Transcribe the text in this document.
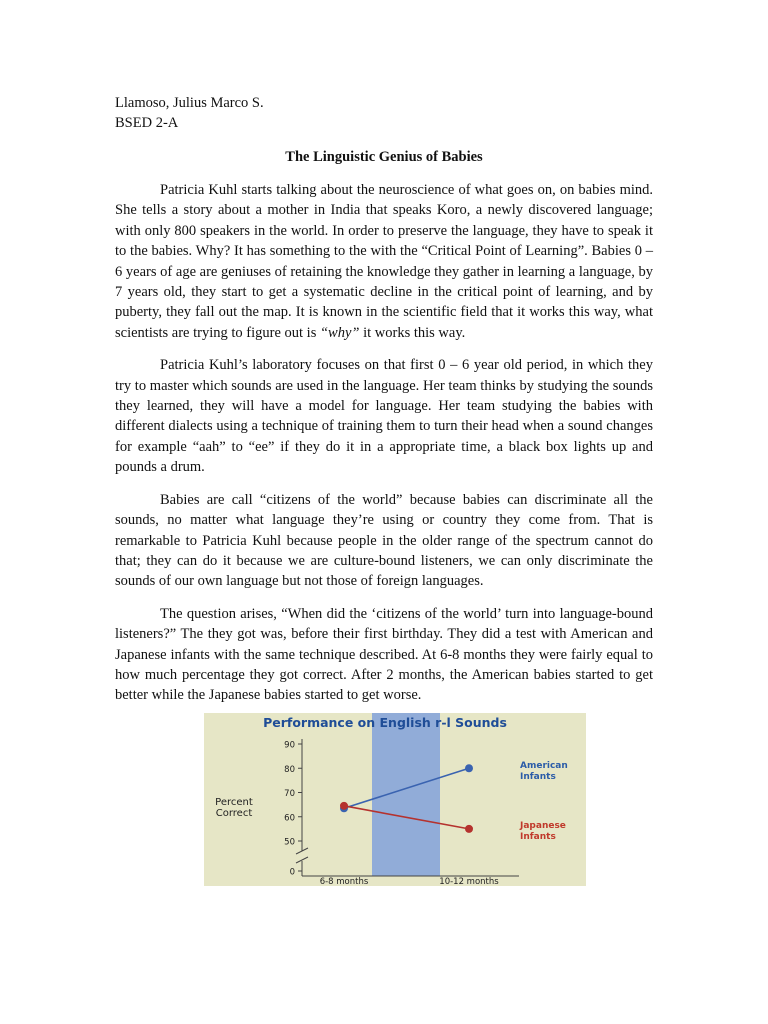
Llamoso, Julius Marco S.
BSED 2-A
The Linguistic Genius of Babies

Patricia Kuhl starts talking about the neuroscience of what goes on, on babies mind. She tells a story about a mother in India that speaks Koro, a newly discovered language; with only 800 speakers in the world. In order to preserve the language, they have to speak it to the babies. Why? It has something to the with the “Critical Point of Learning”. Babies 0 – 6 years of age are geniuses of retaining the knowledge they gather in learning a language, by 7 years old, they start to get a systematic decline in the critical point of learning, and by puberty, they fall out the map. It is known in the scientific field that it works this way, what scientists are trying to figure out is “why” it works this way.

Patricia Kuhl’s laboratory focuses on that first 0 – 6 year old period, in which they try to master which sounds are used in the language. Her team thinks by studying the sounds they learned, they will have a model for language. Her team studying the babies with different dialects using a technique of training them to turn their head when a sound changes for example “aah” to “ee” if they do it in a appropriate time, a black box lights up and pounds a drum.

Babies are call “citizens of the world” because babies can discriminate all the sounds, no matter what language they’re using or country they come from. That is remarkable to Patricia Kuhl because people in the older range of the spectrum cannot do that; they can do it because we are culture-bound listeners, we can only discriminate the sounds of our own language but not those of foreign languages.

The question arises, “When did the ‘citizens of the world’ turn into language-bound listeners?” The they got was, before their first birthday. They did a test with American and Japanese infants with the same technique described. At 6-8 months they were fairly equal to how much percentage they got correct. After 2 months, the American babies started to get better while the Japanese babies started to get worse.

Performance on English r-l Sounds
0
50
60
70
80
90
Percent
Correct
6-8 months	10-12 months
American
Infants
Japanese
Infants
